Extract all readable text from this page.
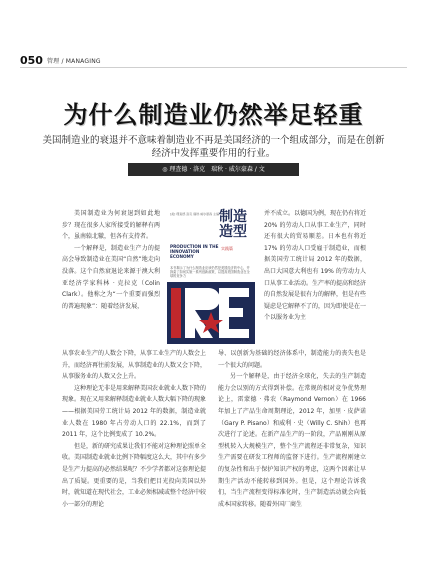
050 管理 / MANAGING
为什么制造业仍然举足轻重
美国制造业的衰退并不意味着制造业不再是美国经济的一个组成部分，而是在创新经济中发挥重要作用的行业。
◎ 理查德 · 洛克　瑞秋 · 威尔豪森 / 文

美国制造业为何衰退到如此地步？现在很多人家所接受的解释有两个，虽南辕北辙，但各有支持者。

一个解释是，制造业生产力的提高会导致制造业在美国“自然”地走向没落。这个自然衰退论来源于澳大利亚经济学家科林 · 克拉克（Colin Clark）。他称之为“一个重要而强烈的普遍现象”：随着经济发展，

[美] 理查德·洛克 瑞秋·威尔豪森 主编 制造造型
PRODUCTION IN THE INNOVATION ECONOMY
实践篇
本书揭示了为什么制造业应该仍然是美国经济的中心，并探索了如何实施一系列创新政策，以提高美国制造业在全球的竞争力

并不成立。以德国为例，现在仍有将近 20% 的劳动人口从事工业生产，同时还有很大的贸易顺差。日本也有将近 17% 的劳动人口受雇于制造业，而根据美国劳工统计局 2012 年的数据，出口大国意大利也有 19% 的劳动力人口从事工业活动。生产率的提高和经济的自然发展是很有力的解释，但是有些疑虑是它解释不了的，因为即使是在一个以服务业为主

从事农业生产的人数会下降，从事工业生产的人数会上升，而经济再往前发展，从事制造业的人数又会下降，从事服务业的人数又会上升。

这种理论无非是用来解释美国农业就业人数下降的现象。现在又用来解释制造业就业人数大幅下降的现象——根据美国劳工统计局 2012 年的数据，制造业就业人数在 1980 年占劳动人口的 22.1%，而到了 2011 年，这个比例变成了 10.2%。

但是，新的研究成果让我们不能对这种理论照单全收。美国制造业就业比例下降幅度这么大，其中有多少是生产力提高的必然结果呢？不少学者都对这套理论提出了质疑。更重要的是，当我们把目光投向美国以外时，就知道在现代社会，工业必须相减或整个经济中较小一部分的理论

导、以创新为基础的经济体系中，制造能力的丧失也是一个很大的问题。

另一个解释是，由于经济全球化，失去的生产制造能力会以别的方式得到补偿。在常规的相对竞争优势理论上，雷蒙德 · 弗农（Raymond Vernon）在 1966 年加上了产品生命周期理论，2012 年，加里 · 皮萨诺（Gary P. Pisano）和威利 · 史（Willy C. Shih）也再次进行了论述。在新产品生产的一阶段，产品刚刚从原型机转入大规模生产，整个生产流程还非常复杂，知识生产需要在研发工程师的监督下进行。生产流程刚建立的复杂性和出于保护知识产权的考虑，这两个因素让早期生产活动不能转移到国外。但是，这个理论告诉我们，当生产流程变得标准化时，生产制造活动就会向低成本国家转移。随着外国厂商生
